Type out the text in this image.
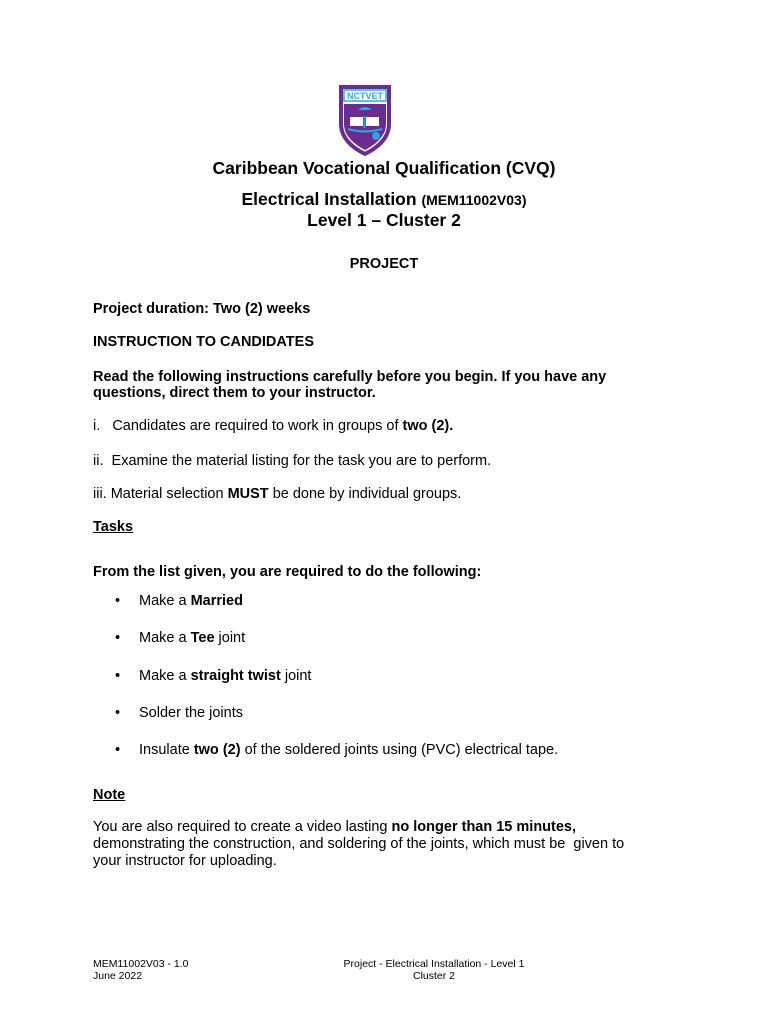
NCTVET
Caribbean Vocational Qualification (CVQ)
Electrical Installation (MEM11002V03)
Level 1 – Cluster 2
PROJECT
Project duration: Two (2) weeks
INSTRUCTION TO CANDIDATES
Read the following instructions carefully before you begin. If you have any
questions, direct them to your instructor.
i.   Candidates are required to work in groups of two (2).
ii.  Examine the material listing for the task you are to perform.
iii. Material selection MUST be done by individual groups.
Tasks
From the list given, you are required to do the following:
• Make a Married
• Make a Tee joint
• Make a straight twist joint
• Solder the joints
• Insulate two (2) of the soldered joints using (PVC) electrical tape.
Note
You are also required to create a video lasting no longer than 15 minutes,
demonstrating the construction, and soldering of the joints, which must be  given to
your instructor for uploading.
MEM11002V03 - 1.0
June 2022
Project - Electrical Installation - Level 1
Cluster 2
